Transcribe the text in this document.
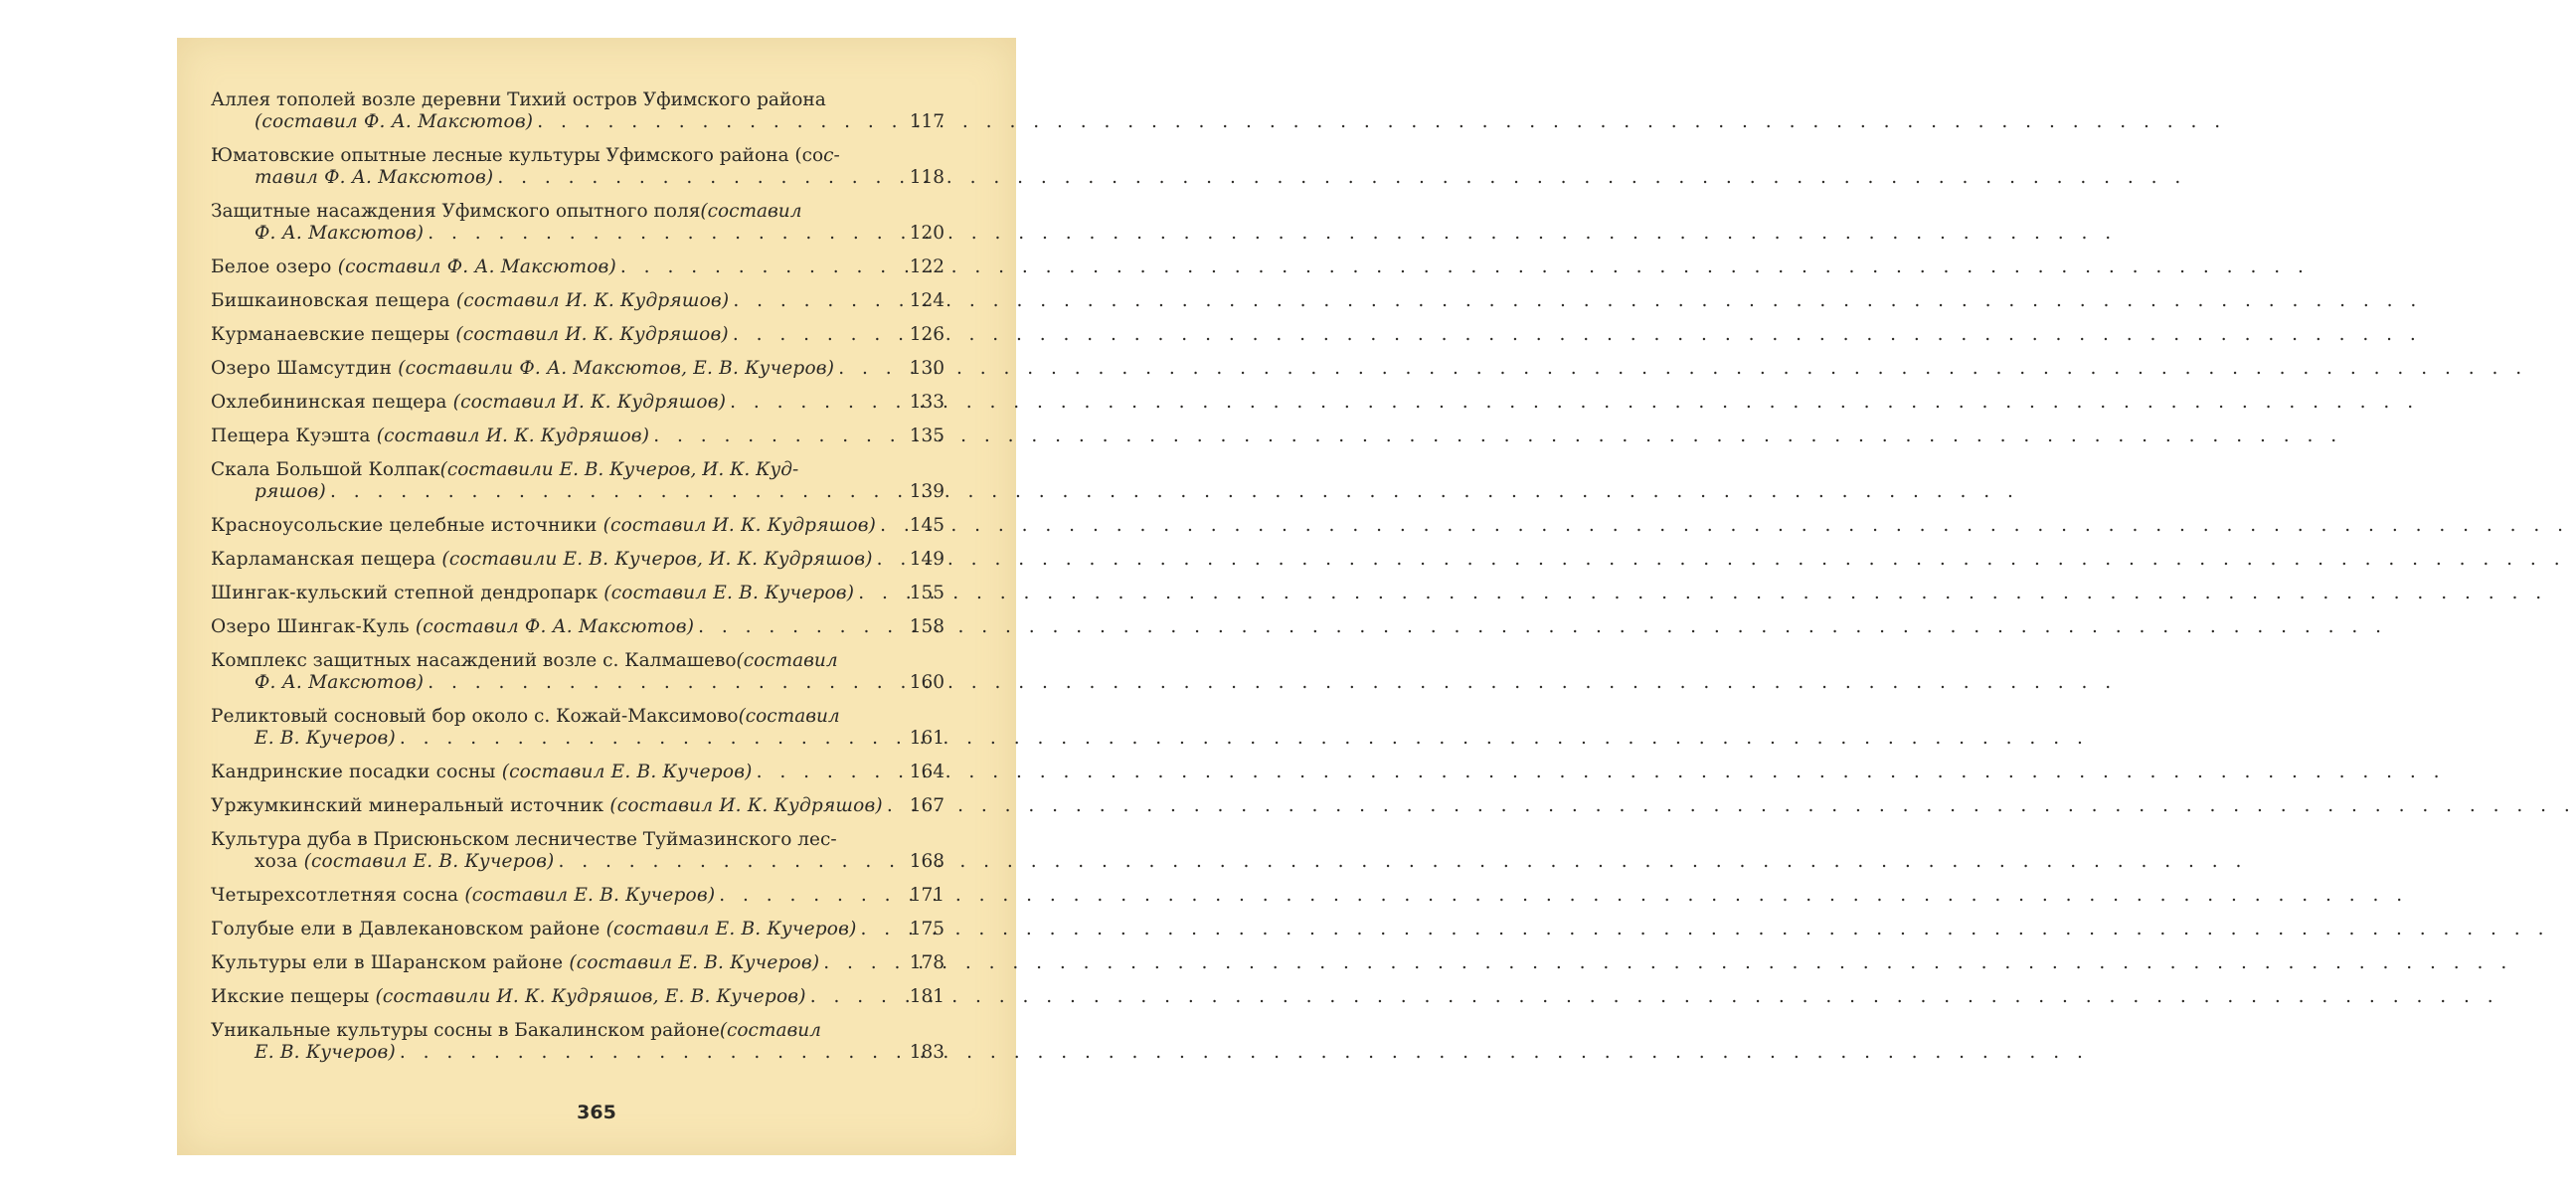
Аллея тополей возле деревни Тихий остров Уфимского района
(составил Ф. А. Максютов) . . .	117
Юматовские опытные лесные культуры Уфимского района (со с-
тавил Ф. А. Максютов) . . .	118
Защитные насаждения Уфимского опытного поля (составил
Ф. А. Максютов) . . .	120
Белое озеро (составил Ф. А. Максютов) . . .	122
Бишкаиновская пещера (составил И. К. Кудряшов) . . .	124
Курманаевские пещеры (составил И. К. Кудряшов) . . .	126
Озеро Шамсутдин (составили Ф. А. Максютов, Е. В. Кучеров) . . .	130
Охлебининская пещера (составил И. К. Кудряшов) . . .	133
Пещера Куэшта (составил И. К. Кудряшов) . . .	135
Скала Большой Колпак (составили Е. В. Кучеров, И. К. Куд-
ряшов) . . .	139
Красноусольские целебные источники (составил И. К. Кудряшов) . . . 145
Карламанская пещера (составили Е. В. Кучеров, И. К. Кудряшов) . . . 149
Шингак-кульский степной дендропарк (составил Е. В. Кучеров) . . .	155
Озеро Шингак-Куль (составил Ф. А. Максютов) . . .	158
Комплекс защитных насаждений возле с. Калмашево (составил
Ф. А. Максютов) . . .	160
Реликтовый сосновый бор около с. Кожай-Максимово (составил
Е. В. Кучеров) . . .	161
Кандринские посадки сосны (составил Е. В. Кучеров) . . .	164
Уржумкинский минеральный источник (составил И. К. Кудряшов) . . . 167
Культура дуба в Присюньском лесничестве Туймазинского лес-
хоза (составил Е. В. Кучеров) . . .	168
Четырехсотлетняя сосна (составил Е. В. Кучеров) . . .	171
Голубые ели в Давлекановском районе (составил Е. В. Кучеров) . . .	175
Культуры ели в Шаранском районе (составил Е. В. Кучеров) . . .	178
Икские пещеры (составили И. К. Кудряшов, Е. В. Кучеров) . . .	181
Уникальные культуры сосны в Бакалинском районе (составил
Е. В. Кучеров) . . .	183
365
